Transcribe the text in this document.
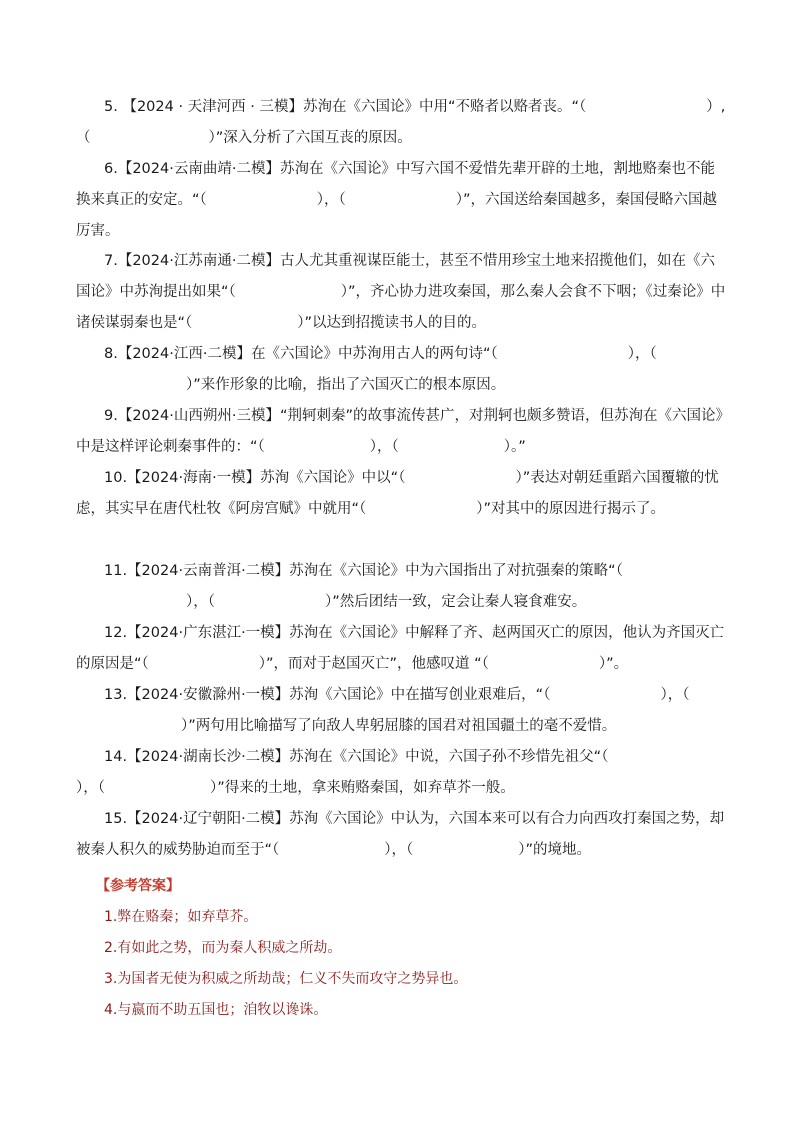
5. 【2024 · 天津河西 · 三模】苏洵在《六国论》中用“不赂者以赂者丧。“（	）,（	）”深入分析了六国互丧的原因。

6.【2024·云南曲靖·二模】苏洵在《六国论》中写六国不爱惜先辈开辟的土地，割地赂秦也不能换来真正的安定。“（	），（	）”，六国送给秦国越多，秦国侵略六国越厉害。

7.【2024·江苏南通·二模】古人尤其重视谋臣能士，甚至不惜用珍宝土地来招揽他们，如在《六国论》中苏洵提出如果“（	）”，齐心协力进攻秦国，那么秦人会食不下咽；《过秦论》中诸侯谋弱秦也是“（	）”以达到招揽读书人的目的。

8.【2024·江西·二模】在《六国论》中苏洵用古人的两句诗“（	），（）”来作形象的比喻，指出了六国灭亡的根本原因。

9.【2024·山西朔州·三模】“荆轲刺秦”的故事流传甚广，对荆轲也颇多赞语，但苏洵在《六国论》中是这样评论刺秦事件的：“（	），（	）。”

10.【2024·海南·一模】苏洵《六国论》中以“（	）”表达对朝廷重蹈六国覆辙的忧虑，其实早在唐代杜牧《阿房宫赋》中就用“（	）”对其中的原因进行揭示了。

11.【2024·云南普洱·二模】苏洵在《六国论》中为六国指出了对抗强秦的策略“（），（	）”然后团结一致，定会让秦人寝食难安。

12.【2024·广东湛江·一模】苏洵在《六国论》中解释了齐、赵两国灭亡的原因，他认为齐国灭亡的原因是“（	）”，而对于赵国灭亡”，他感叹道 “（	）”。

13.【2024·安徽滁州·一模】苏洵《六国论》中在描写创业艰难后，“（	），（）”两句用比喻描写了向敌人卑躬屈膝的国君对祖国疆土的毫不爱惜。

14.【2024·湖南长沙·二模】苏洵在《六国论》中说，六国子孙不珍惜先祖父“（），（	）”得来的土地，拿来贿赂秦国，如弃草芥一般。

15.【2024·辽宁朝阳·二模】苏洵《六国论》中认为，六国本来可以有合力向西攻打秦国之势，却被秦人积久的威势胁迫而至于“（	），（	）”的境地。

【参考答案】
1.弊在赂秦；如弃草芥。
2.有如此之势，而为秦人积威之所劫。
3.为国者无使为积威之所劫哉；仁义不失而攻守之势异也。
4.与嬴而不助五国也；洎牧以谗诛。
